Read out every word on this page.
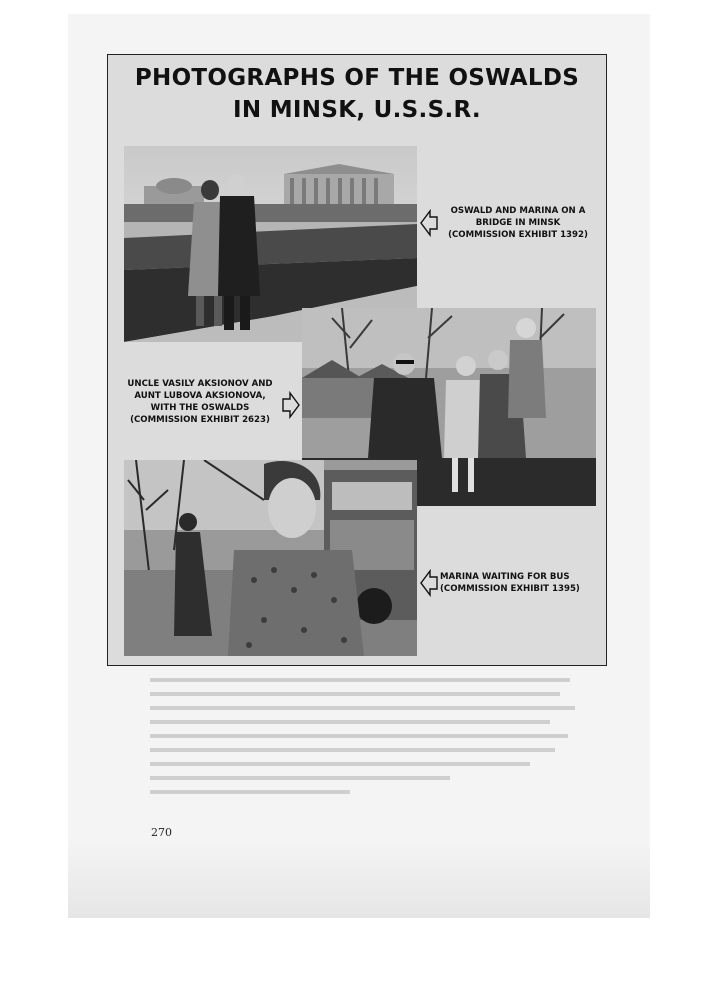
PHOTOGRAPHS OF THE OSWALDS
IN MINSK, U.S.S.R.
OSWALD AND MARINA ON A
BRIDGE IN MINSK
(COMMISSION EXHIBIT 1392)
UNCLE VASILY AKSIONOV AND
AUNT LUBOVA AKSIONOVA,
WITH THE OSWALDS
(COMMISSION EXHIBIT 2623)
MARINA WAITING FOR BUS
(COMMISSION EXHIBIT 1395)
270
